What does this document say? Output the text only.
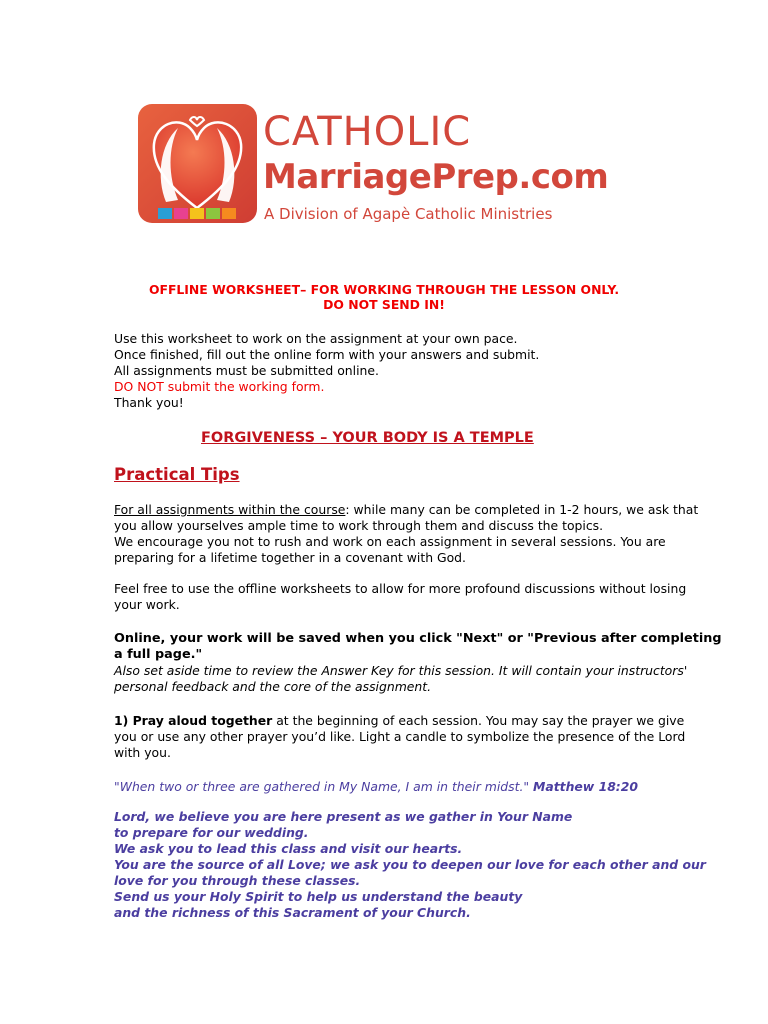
CATHOLIC
MarriagePrep.com
A Division of Agapè Catholic Ministries
OFFLINE WORKSHEET– FOR WORKING THROUGH THE LESSON ONLY.
DO NOT SEND IN!
Use this worksheet to work on the assignment at your own pace.
Once finished, fill out the online form with your answers and submit.
All assignments must be submitted online.
DO NOT submit the working form.
Thank you!
FORGIVENESS – YOUR BODY IS A TEMPLE
Practical Tips
For all assignments within the course: while many can be completed in 1-2 hours, we ask that
you allow yourselves ample time to work through them and discuss the topics.
We encourage you not to rush and work on each assignment in several sessions. You are
preparing for a lifetime together in a covenant with God.
Feel free to use the offline worksheets to allow for more profound discussions without losing
your work.
Online, your work will be saved when you click "Next" or "Previous after completing
a full page."
Also set aside time to review the Answer Key for this session. It will contain your instructors'
personal feedback and the core of the assignment.
1) Pray aloud together at the beginning of each session. You may say the prayer we give
you or use any other prayer you’d like. Light a candle to symbolize the presence of the Lord
with you.
"When two or three are gathered in My Name, I am in their midst." Matthew 18:20
Lord, we believe you are here present as we gather in Your Name
to prepare for our wedding.
We ask you to lead this class and visit our hearts.
You are the source of all Love; we ask you to deepen our love for each other and our
love for you through these classes.
Send us your Holy Spirit to help us understand the beauty
and the richness of this Sacrament of your Church.
